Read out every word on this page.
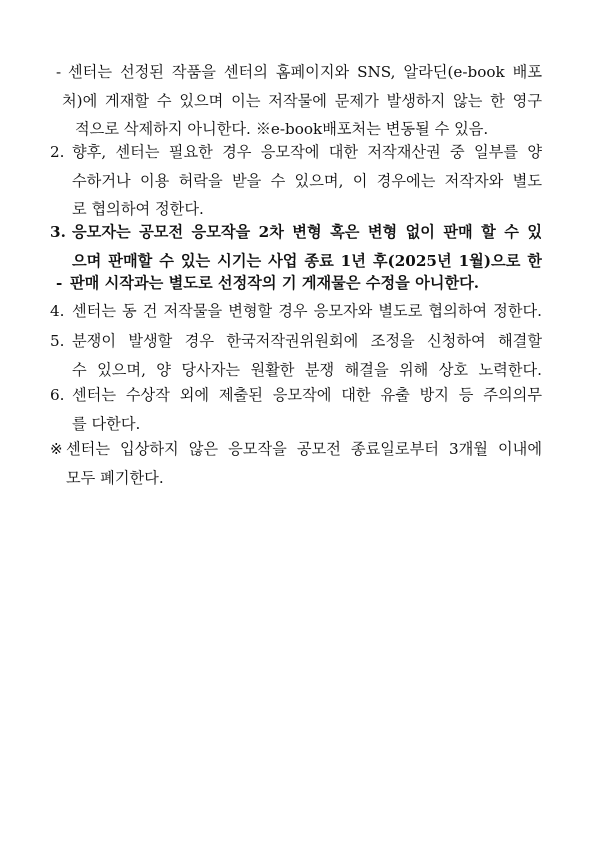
- 센터는 선정된 작품을 센터의 홈페이지와 SNS, 알라딘(e-book 배포
처)에 게재할 수 있으며 이는 저작물에 문제가 발생하지 않는 한 영구
적으로 삭제하지 아니한다. ※e-book배포처는 변동될 수 있음.
2. 향후, 센터는 필요한 경우 응모작에 대한 저작재산권 중 일부를 양
수하거나 이용 허락을 받을 수 있으며, 이 경우에는 저작자와 별도
로 협의하여 정한다.
3. 응모자는 공모전 응모작을 2차 변형 혹은 변형 없이 판매 할 수 있
으며 판매할 수 있는 시기는 사업 종료 1년 후(2025년 1월)으로 한
- 판매 시작과는 별도로 선정작의 기 게재물은 수정을 아니한다.
4. 센터는 동 건 저작물을 변형할 경우 응모자와 별도로 협의하여 정한다.
5. 분쟁이 발생할 경우 한국저작권위원회에 조정을 신청하여 해결할
수 있으며, 양 당사자는 원활한 분쟁 해결을 위해 상호 노력한다.
6. 센터는 수상작 외에 제출된 응모작에 대한 유출 방지 등 주의의무
를 다한다.
※ 센터는 입상하지 않은 응모작을 공모전 종료일로부터 3개월 이내에
모두 폐기한다.
